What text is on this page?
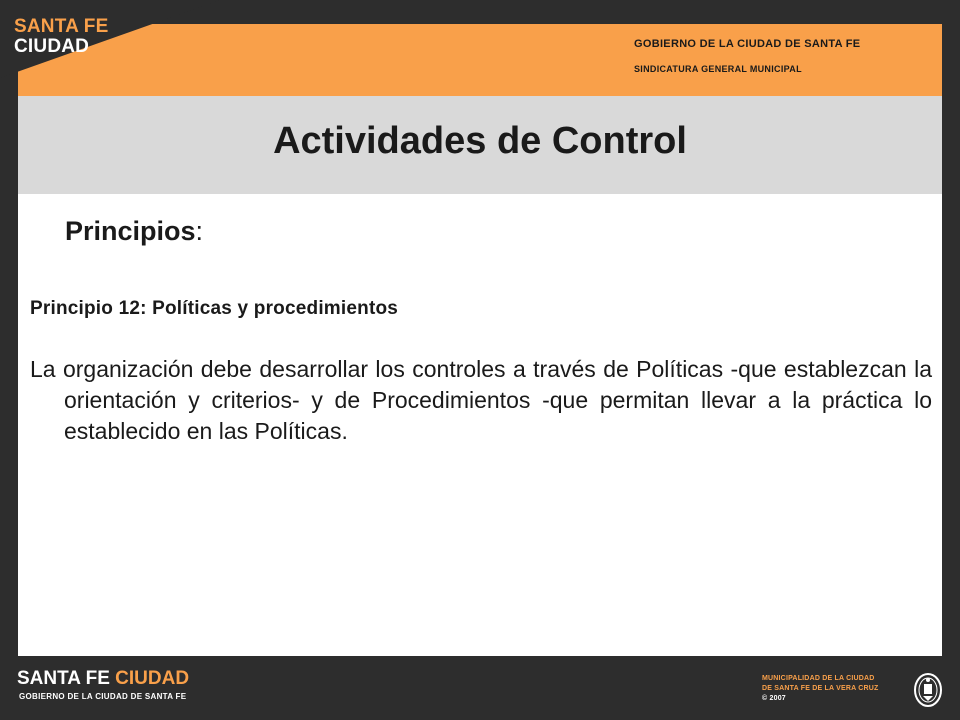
SANTA FE
CIUDAD	GOBIERNO DE LA CIUDAD DE SANTA FE
SINDICATURA GENERAL MUNICIPAL
Actividades de Control
Principios:
Principio 12: Políticas y procedimientos
La organización debe desarrollar los controles a través de Políticas -que establezcan la orientación y criterios- y de Procedimientos -que permitan llevar a la práctica lo establecido en las Políticas.
SANTA FE CIUDAD
GOBIERNO DE LA CIUDAD DE SANTA FE
MUNICIPALIDAD DE LA CIUDAD
DE SANTA FE DE LA VERA CRUZ
© 2007
